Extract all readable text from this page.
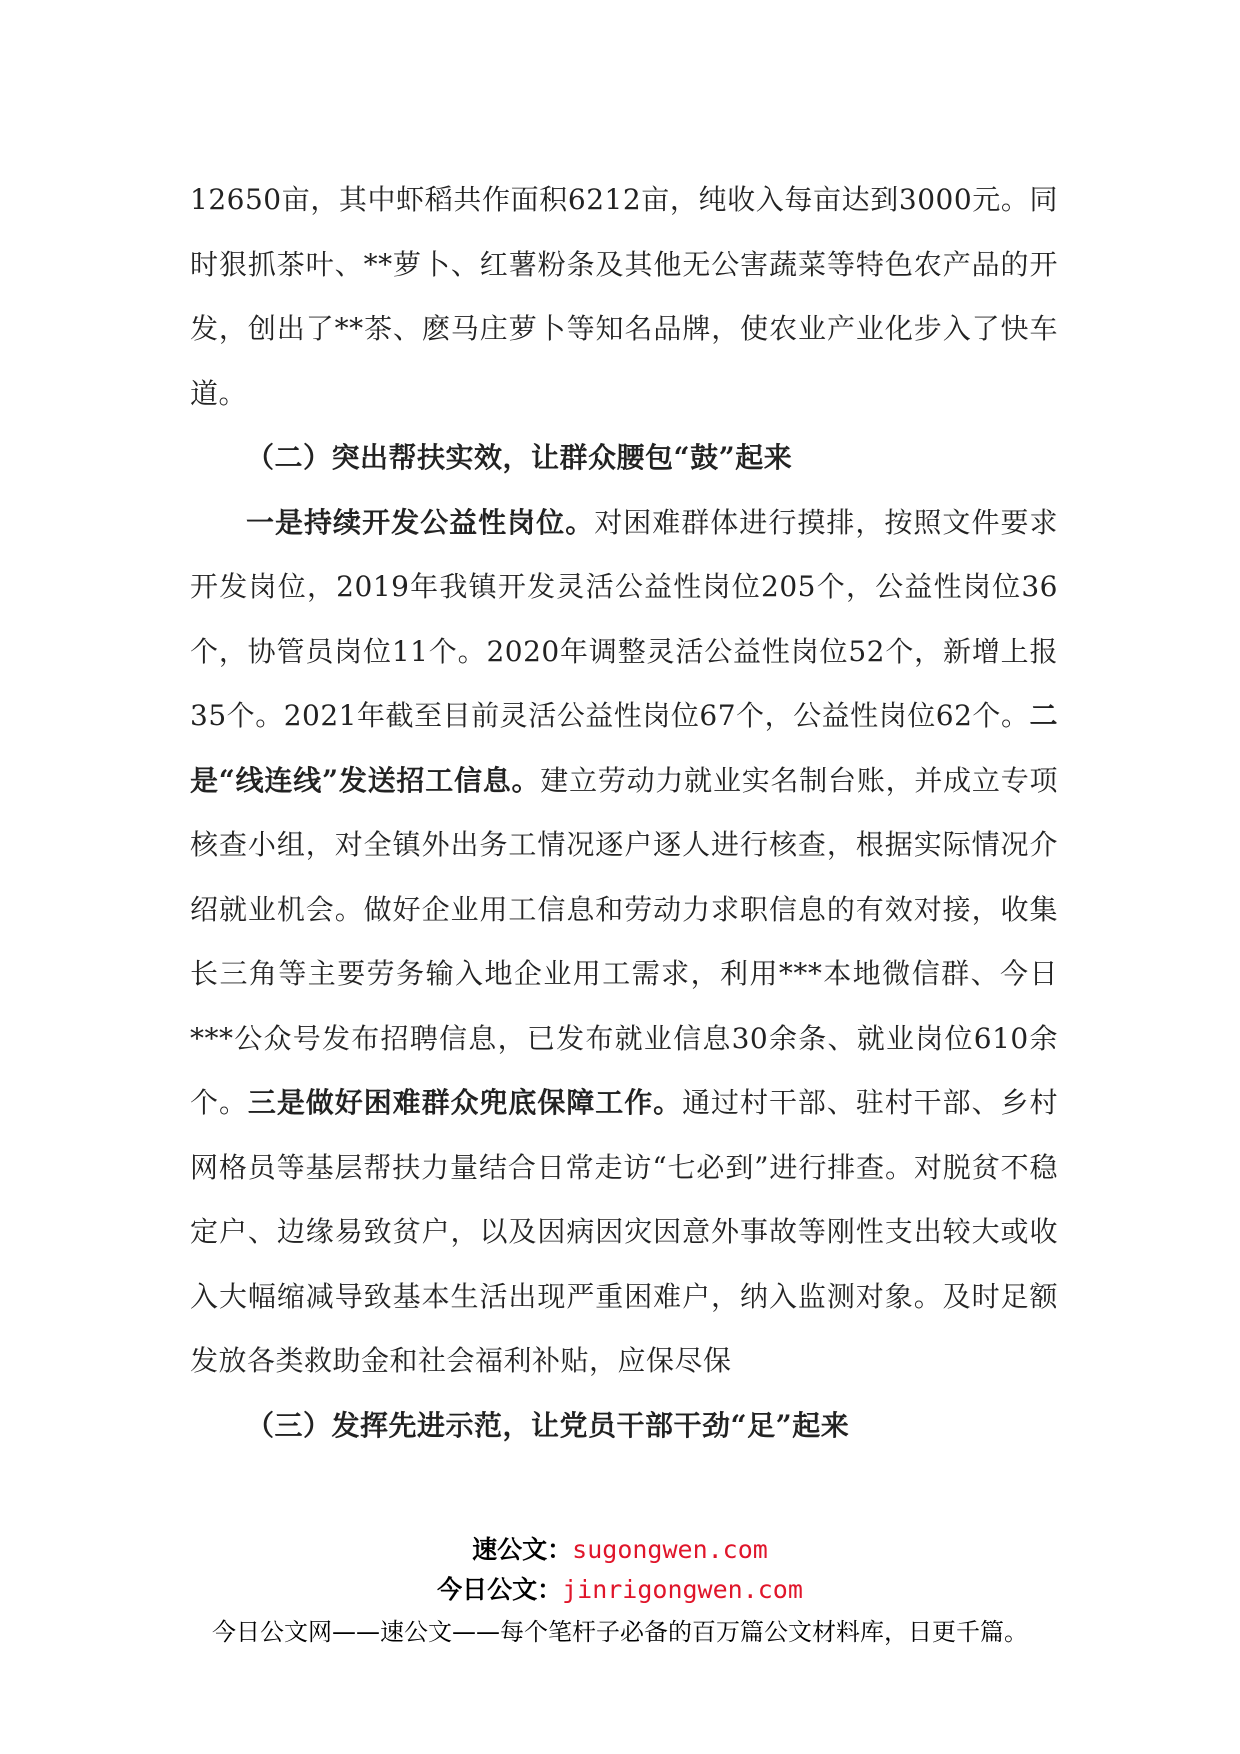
12650亩，其中虾稻共作面积6212亩，纯收入每亩达到3000元。同时狠抓茶叶、**萝卜、红薯粉条及其他无公害蔬菜等特色农产品的开发，创出了**茶、麽马庄萝卜等知名品牌，使农业产业化步入了快车道。

（二）突出帮扶实效，让群众腰包“鼓”起来

一是持续开发公益性岗位。对困难群体进行摸排，按照文件要求开发岗位，2019年我镇开发灵活公益性岗位205个，公益性岗位36个，协管员岗位11个。2020年调整灵活公益性岗位52个，新增上报35个。2021年截至目前灵活公益性岗位67个，公益性岗位62个。二是“线连线”发送招工信息。建立劳动力就业实名制台账，并成立专项核查小组，对全镇外出务工情况逐户逐人进行核查，根据实际情况介绍就业机会。做好企业用工信息和劳动力求职信息的有效对接，收集长三角等主要劳务输入地企业用工需求，利用***本地微信群、今日***公众号发布招聘信息，已发布就业信息30余条、就业岗位610余个。三是做好困难群众兜底保障工作。通过村干部、驻村干部、乡村网格员等基层帮扶力量结合日常走访“七必到”进行排查。对脱贫不稳定户、边缘易致贫户，以及因病因灾因意外事故等刚性支出较大或收入大幅缩减导致基本生活出现严重困难户，纳入监测对象。及时足额发放各类救助金和社会福利补贴，应保尽保

（三）发挥先进示范，让党员干部干劲“足”起来

速公文：sugongwen.com
今日公文：jinrigongwen.com
今日公文网——速公文——每个笔杆子必备的百万篇公文材料库，日更千篇。
